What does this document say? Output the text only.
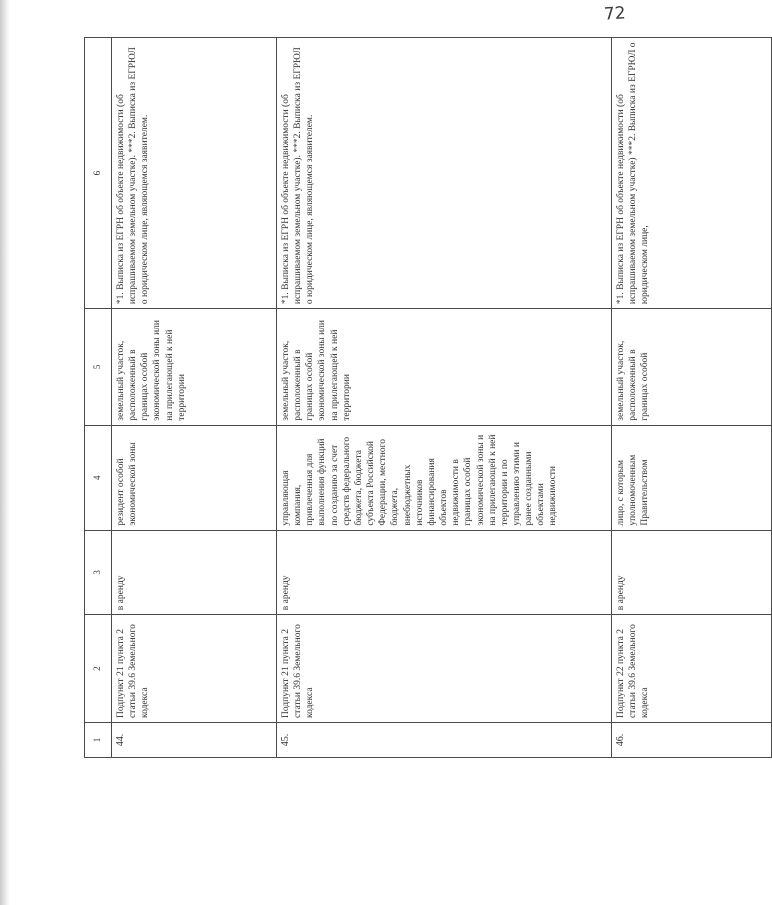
72
1	2	3	4	5	6
44.	Подпункт 21 пункта 2 статьи 39.6 Земельного кодекса	в аренду	резидент особой экономической зоны	земельный участок, расположенный в границах особой экономической зоны или на прилегающей к ней территории	*1. Выписка из ЕГРН об объекте недвижимости (об испрашиваемом земельном участке). ***2. Выписка из ЕГРЮЛ о юридическом лице, являющемся заявителем.
45.	Подпункт 21 пункта 2 статьи 39.6 Земельного кодекса	в аренду	управляющая компания, привлеченная для выполнения функций по созданию за счет средств федерального бюджета, бюджета субъекта Российской Федерации, местного бюджета, внебюджетных источников финансирования объектов недвижимости в границах особой экономической зоны и на прилегающей к ней территории и по управлению этими и ранее созданными объектами недвижимости	земельный участок, расположенный в границах особой экономической зоны или на прилегающей к ней территории	*1. Выписка из ЕГРН об объекте недвижимости (об испрашиваемом земельном участке). ***2. Выписка из ЕГРЮЛ о юридическом лице, являющемся заявителем.
46.	Подпункт 22 пункта 2 статьи 39.6 Земельного кодекса	в аренду	лицо, с которым уполномоченным Правительством	земельный участок, расположенный в границах особой	*1. Выписка из ЕГРН об объекте недвижимости (об испрашиваемом земельном участке) ***2. Выписка из ЕГРЮЛ о юридическом лице,
